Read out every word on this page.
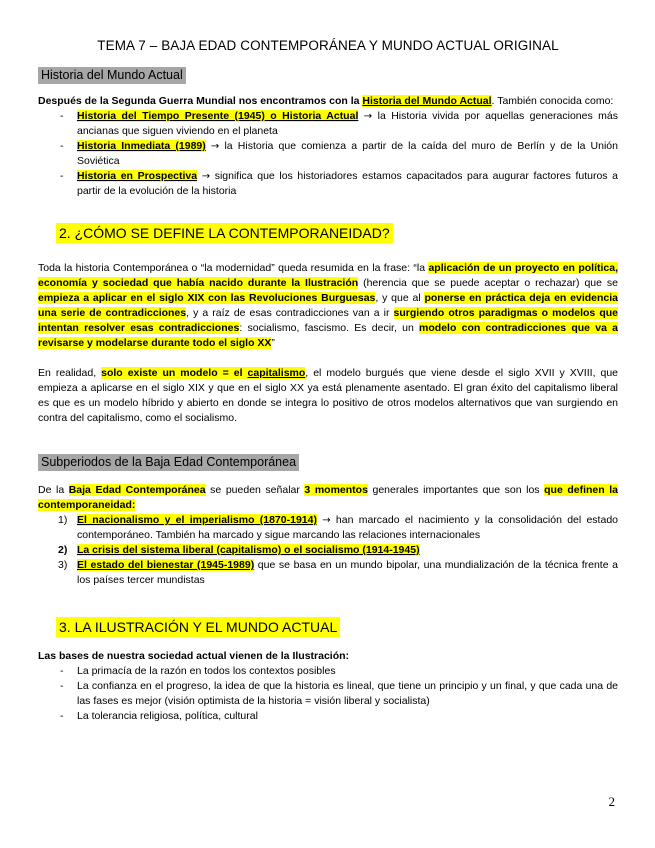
TEMA 7 – BAJA EDAD CONTEMPORÁNEA Y MUNDO ACTUAL ORIGINAL
Historia del Mundo Actual

Después de la Segunda Guerra Mundial nos encontramos con la Historia del Mundo Actual. También conocida como:

- Historia del Tiempo Presente (1945) o Historia Actual → la Historia vivida por aquellas generaciones más ancianas que siguen viviendo en el planeta
- Historia Inmediata (1989) → la Historia que comienza a partir de la caída del muro de Berlín y de la Unión Soviética
- Historia en Prospectiva → significa que los historiadores estamos capacitados para augurar factores futuros a partir de la evolución de la historia
2. ¿CÓMO SE DEFINE LA CONTEMPORANEIDAD?

Toda la historia Contemporánea o “la modernidad” queda resumida en la frase: “la aplicación de un proyecto en política, economía y sociedad que había nacido durante la Ilustración (herencia que se puede aceptar o rechazar) que se empieza a aplicar en el siglo XIX con las Revoluciones Burguesas, y que al ponerse en práctica deja en evidencia una serie de contradicciones, y a raíz de esas contradicciones van a ir surgiendo otros paradigmas o modelos que intentan resolver esas contradicciones: socialismo, fascismo. Es decir, un modelo con contradicciones que va a revisarse y modelarse durante todo el siglo XX”

En realidad, solo existe un modelo = el capitalismo, el modelo burgués que viene desde el siglo XVII y XVIII, que empieza a aplicarse en el siglo XIX y que en el siglo XX ya está plenamente asentado. El gran éxito del capitalismo liberal es que es un modelo híbrido y abierto en donde se integra lo positivo de otros modelos alternativos que van surgiendo en contra del capitalismo, como el socialismo.

Subperiodos de la Baja Edad Contemporánea

De la Baja Edad Contemporánea se pueden señalar 3 momentos generales importantes que son los que definen la contemporaneidad:

1) El nacionalismo y el imperialismo (1870-1914) → han marcado el nacimiento y la consolidación del estado contemporáneo. También ha marcado y sigue marcando las relaciones internacionales
2) La crisis del sistema liberal (capitalismo) o el socialismo (1914-1945)
3) El estado del bienestar (1945-1989) que se basa en un mundo bipolar, una mundialización de la técnica frente a los países tercer mundistas
3. LA ILUSTRACIÓN Y EL MUNDO ACTUAL

Las bases de nuestra sociedad actual vienen de la Ilustración:

- La primacía de la razón en todos los contextos posibles
- La confianza en el progreso, la idea de que la historia es lineal, que tiene un principio y un final, y que cada una de las fases es mejor (visión optimista de la historia = visión liberal y socialista)
- La tolerancia religiosa, política, cultural
2
